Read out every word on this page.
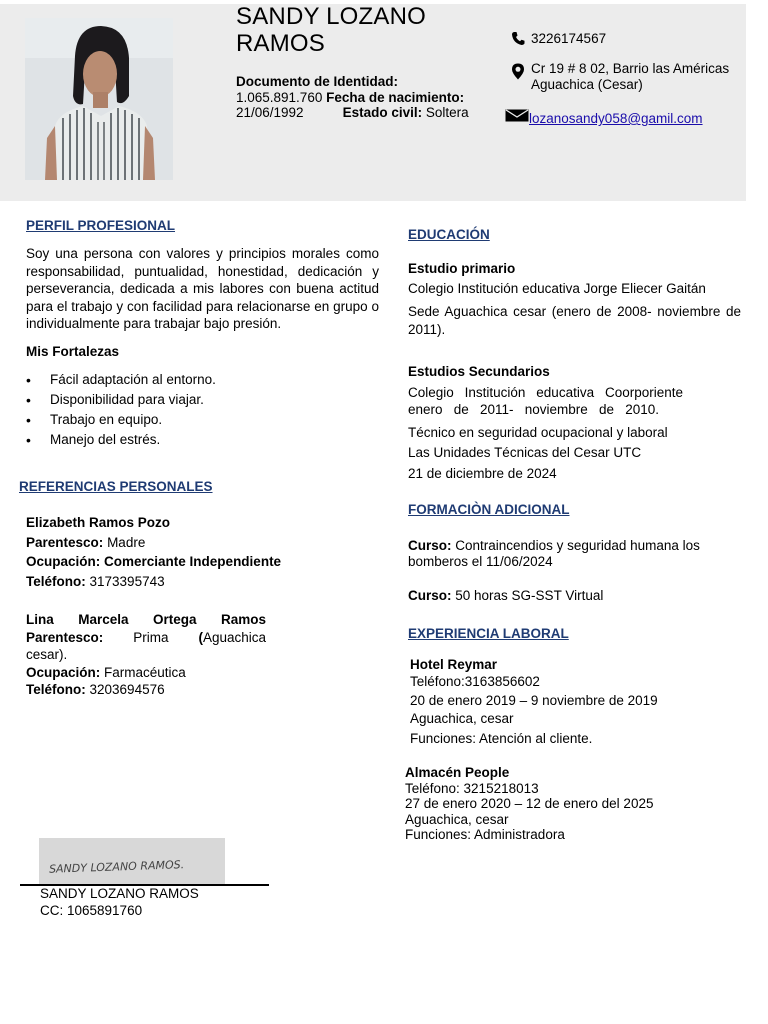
SANDY LOZANO
RAMOS
Documento de Identidad:
1.065.891.760 Fecha de nacimiento:
21/06/1992	Estado civil: Soltera
3226174567
Cr 19 # 8 02, Barrio las Américas
Aguachica (Cesar)
lozanosandy058@gamil.com
PERFIL PROFESIONAL
Soy una persona con valores y principios morales como responsabilidad, puntualidad, honestidad, dedicación y perseverancia, dedicada a mis labores con buena actitud para el trabajo y con facilidad para relacionarse en grupo o individualmente para trabajar bajo presión.
Mis Fortalezas
• Fácil adaptación al entorno.
• Disponibilidad para viajar.
• Trabajo en equipo.
• Manejo del estrés.
REFERENCIAS PERSONALES
Elizabeth Ramos Pozo
Parentesco: Madre
Ocupación: Comerciante Independiente
Teléfono: 3173395743
Lina Marcela Ortega Ramos
Parentesco: Prima (Aguachica
cesar).
Ocupación: Farmacéutica
Teléfono: 3203694576
SANDY LOZANO RAMOS.
SANDY LOZANO RAMOS
CC: 1065891760
EDUCACIÓN
Estudio primario
Colegio Institución educativa Jorge Eliecer Gaitán
Sede Aguachica cesar (enero de 2008- noviembre de 2011).
Estudios Secundarios
Colegio Institución educativa Coorporiente
enero de 2011- noviembre de 2010.
Técnico en seguridad ocupacional y laboral
Las Unidades Técnicas del Cesar UTC
21 de diciembre de 2024
FORMACIÒN ADICIONAL
Curso: Contraincendios y seguridad humana los bomberos el 11/06/2024
Curso: 50 horas SG-SST Virtual
EXPERIENCIA LABORAL
Hotel Reymar
Teléfono:3163856602
20 de enero 2019 – 9 noviembre de 2019
Aguachica, cesar
Funciones: Atención al cliente.
Almacén People
Teléfono: 3215218013
27 de enero 2020 – 12 de enero del 2025
Aguachica, cesar
Funciones: Administradora
